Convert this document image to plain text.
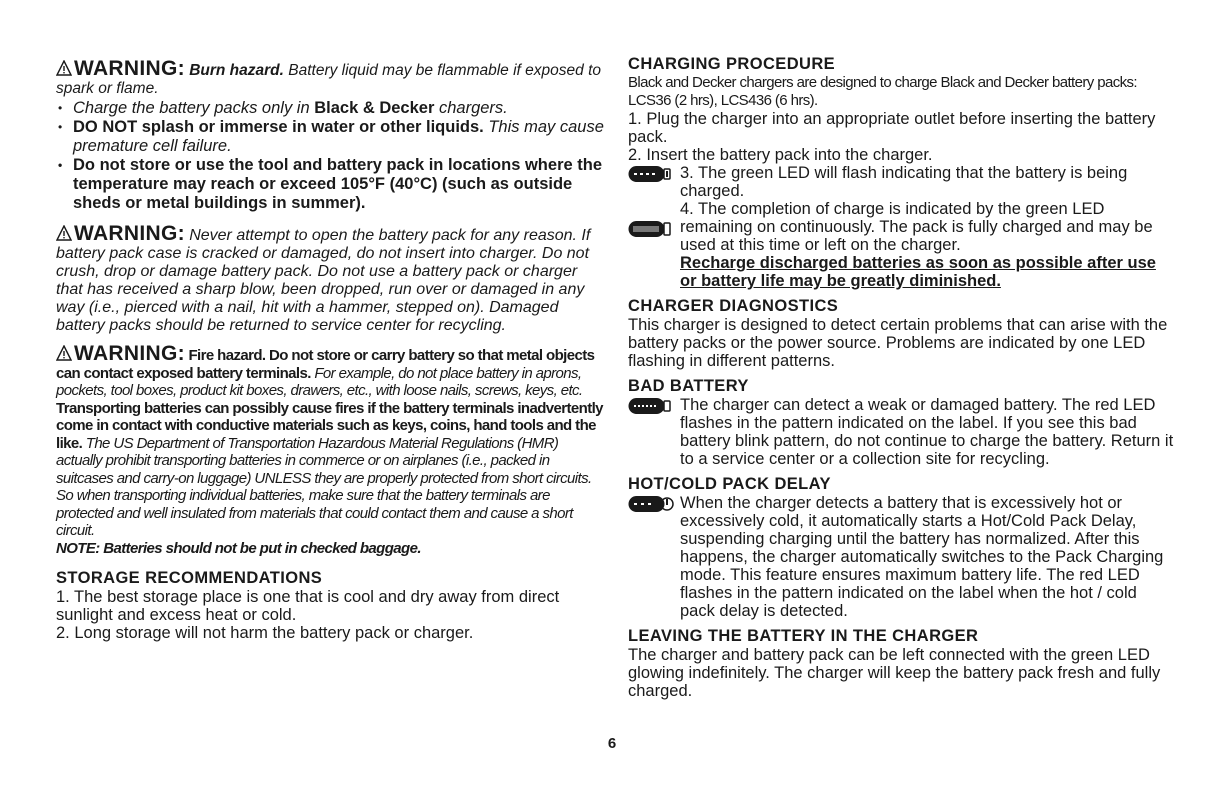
WARNING: Burn hazard. Battery liquid may be flammable if exposed to spark or flame.

• Charge the battery packs only in Black & Decker chargers.
• DO NOT splash or immerse in water or other liquids. This may cause premature cell failure.
• Do not store or use the tool and battery pack in locations where the temperature may reach or exceed 105°F (40°C) (such as outside sheds or metal buildings in summer).

WARNING: Never attempt to open the battery pack for any reason. If battery pack case is cracked or damaged, do not insert into charger. Do not crush, drop or damage battery pack. Do not use a battery pack or charger that has received a sharp blow, been dropped, run over or damaged in any way (i.e., pierced with a nail, hit with a hammer, stepped on). Damaged battery packs should be returned to service center for recycling.

WARNING: Fire hazard. Do not store or carry battery so that metal objects can contact exposed battery terminals. For example, do not place battery in aprons, pockets, tool boxes, product kit boxes, drawers, etc., with loose nails, screws, keys, etc. Transporting batteries can possibly cause fires if the battery terminals inadvertently come in contact with conductive materials such as keys, coins, hand tools and the like. The US Department of Transportation Hazardous Material Regulations (HMR) actually prohibit transporting batteries in commerce or on airplanes (i.e., packed in suitcases and carry-on luggage) UNLESS they are properly protected from short circuits. So when transporting individual batteries, make sure that the battery terminals are protected and well insulated from materials that could contact them and cause a short circuit.
NOTE: Batteries should not be put in checked baggage.

STORAGE RECOMMENDATIONS

1. The best storage place is one that is cool and dry away from direct sunlight and excess heat or cold.

2. Long storage will not harm the battery pack or charger.

CHARGING PROCEDURE

Black and Decker chargers are designed to charge Black and Decker battery packs: LCS36 (2 hrs), LCS436 (6 hrs).

1. Plug the charger into an appropriate outlet before inserting the battery pack.

2. Insert the battery pack into the charger.

3. The green LED will flash indicating that the battery is being charged.

4. The completion of charge is indicated by the green LED remaining on continuously. The pack is fully charged and may be used at this time or left on the charger.

Recharge discharged batteries as soon as possible after use or battery life may be greatly diminished.

CHARGER DIAGNOSTICS

This charger is designed to detect certain problems that can arise with the battery packs or the power source. Problems are indicated by one LED flashing in different patterns.

BAD BATTERY

The charger can detect a weak or damaged battery. The red LED flashes in the pattern indicated on the label. If you see this bad battery blink pattern, do not continue to charge the battery. Return it to a service center or a collection site for recycling.

HOT/COLD PACK DELAY

When the charger detects a battery that is excessively hot or excessively cold, it automatically starts a Hot/Cold Pack Delay, suspending charging until the battery has normalized. After this happens, the charger automatically switches to the Pack Charging mode. This feature ensures maximum battery life. The red LED flashes in the pattern indicated on the label when the hot / cold pack delay is detected.

LEAVING THE BATTERY IN THE CHARGER

The charger and battery pack can be left connected with the green LED glowing indefinitely. The charger will keep the battery pack fresh and fully charged.

6
